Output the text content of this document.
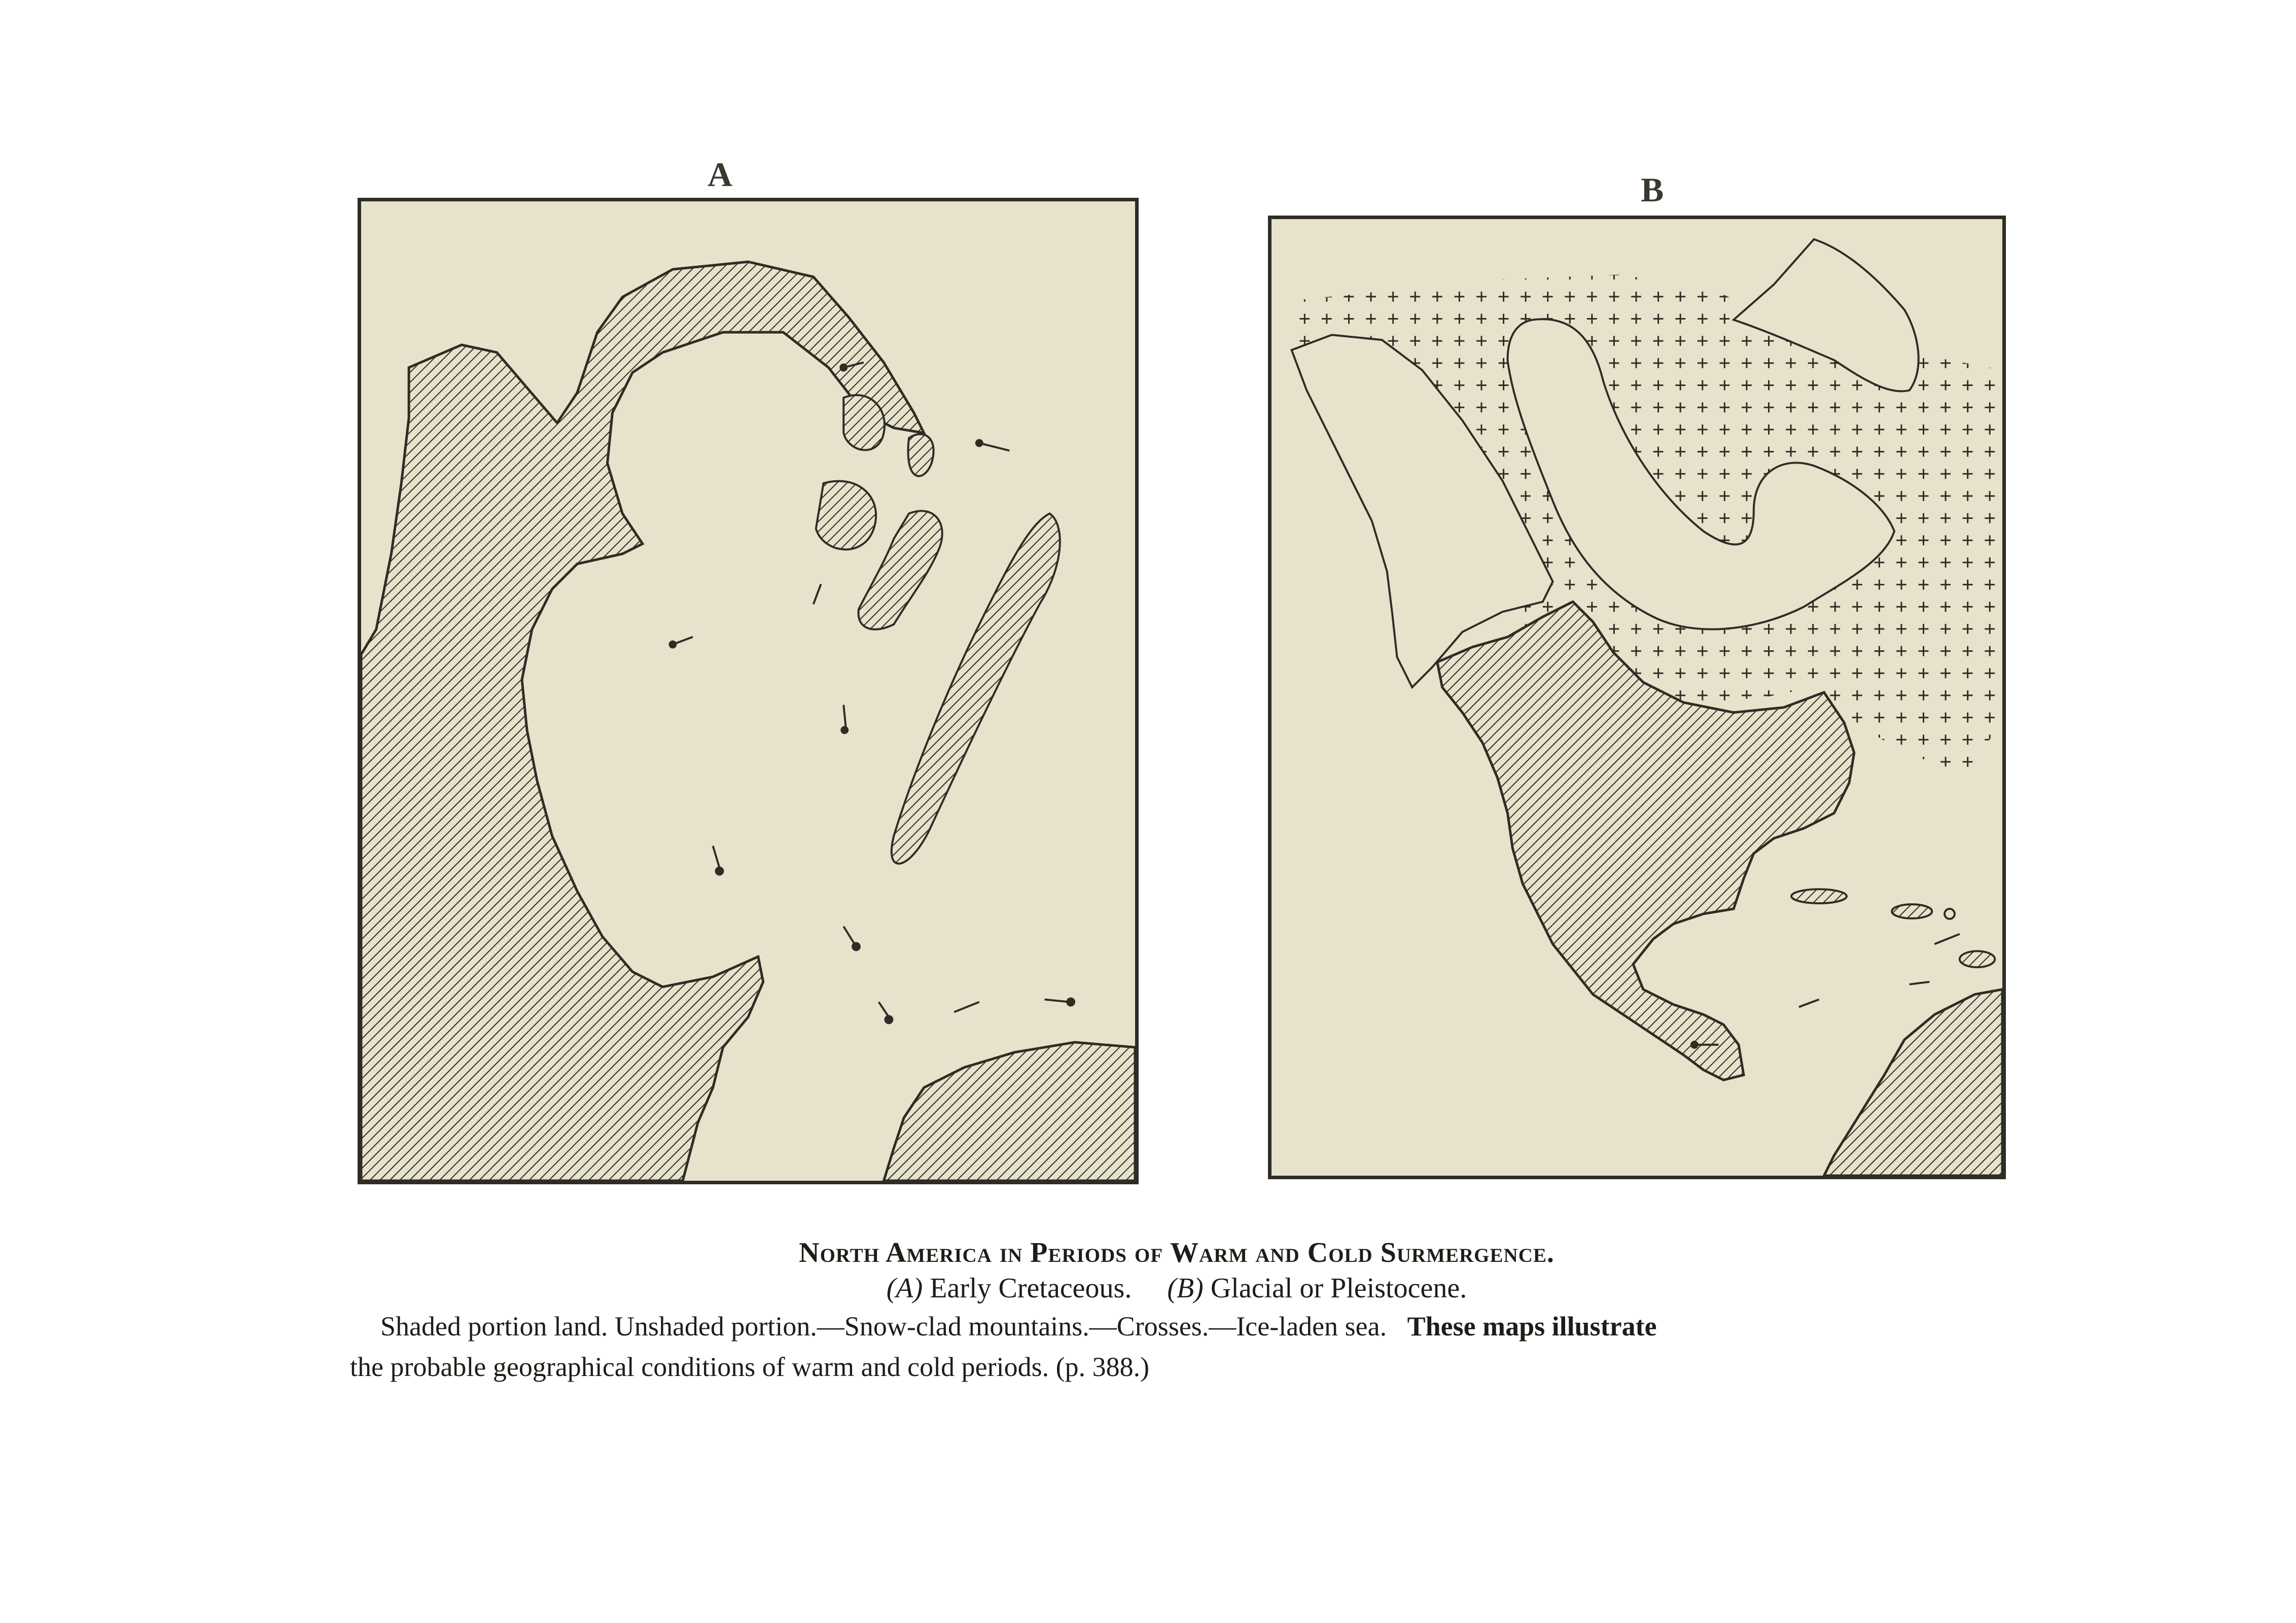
A	B
North America in Periods of Warm and Cold Surmergence.
(A) Early Cretaceous. (B) Glacial or Pleistocene.
Shaded portion land. Unshaded portion.—Snow-clad mountains.—Crosses.—Ice-laden sea. These maps illustrate
the probable geographical conditions of warm and cold periods. (p. 388.)
